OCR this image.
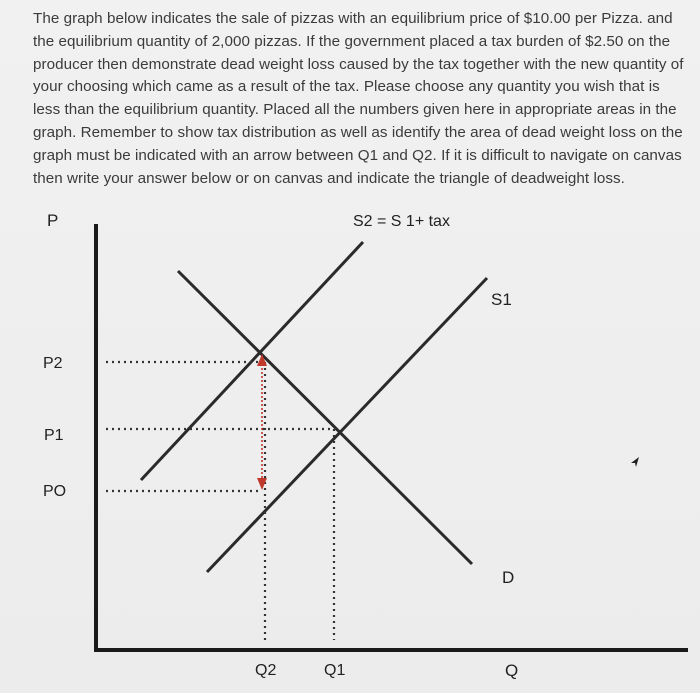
The graph below indicates the sale of pizzas with an equilibrium price of $10.00 per Pizza. and the equilibrium quantity of 2,000 pizzas. If the government placed a tax burden of $2.50 on the producer then demonstrate dead weight loss caused by the tax together with the new quantity of your choosing which came as a result of the tax. Please choose any quantity you wish that is less than the equilibrium quantity. Placed all the numbers given here in appropriate areas in the graph. Remember to show tax distribution as well as identify the area of dead weight loss on the graph must be indicated with an arrow between Q1 and Q2. If it is difficult to navigate on canvas then write your answer below or on canvas and indicate the triangle of deadweight loss.
P	S2 = S 1+ tax
S1
D
P2
P1
PO
Q2	Q1	Q
